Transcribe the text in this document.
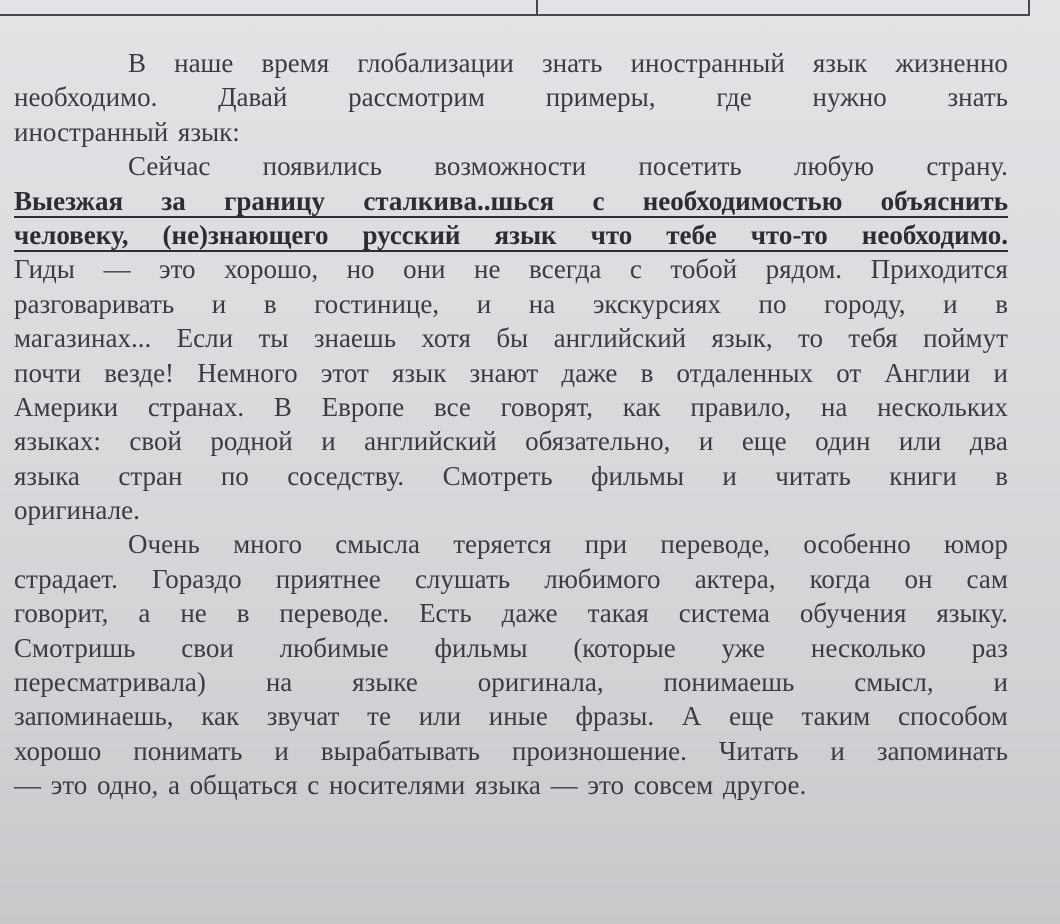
В наше время глобализации знать иностранный язык жизненно
необходимо. Давай рассмотрим примеры, где нужно знать
иностранный язык:
Сейчас появились возможности посетить любую страну.
Выезжая за границу сталкива..шься с необходимостью объяснить
человеку, (не)знающего русский язык что тебе что-то необходимо.
Гиды — это хорошо, но они не всегда с тобой рядом. Приходится
разговаривать и в гостинице, и на экскурсиях по городу, и в
магазинах... Если ты знаешь хотя бы английский язык, то тебя поймут
почти везде! Немного этот язык знают даже в отдаленных от Англии и
Америки странах. В Европе все говорят, как правило, на нескольких
языках: свой родной и английский обязательно, и еще один или два
языка стран по соседству. Смотреть фильмы и читать книги в
оригинале.
Очень много смысла теряется при переводе, особенно юмор
страдает. Гораздо приятнее слушать любимого актера, когда он сам
говорит, а не в переводе. Есть даже такая система обучения языку.
Смотришь свои любимые фильмы (которые уже несколько раз
пересматривала) на языке оригинала, понимаешь смысл, и
запоминаешь, как звучат те или иные фразы. А еще таким способом
хорошо понимать и вырабатывать произношение. Читать и запоминать
— это одно, а общаться с носителями языка — это совсем другое.
